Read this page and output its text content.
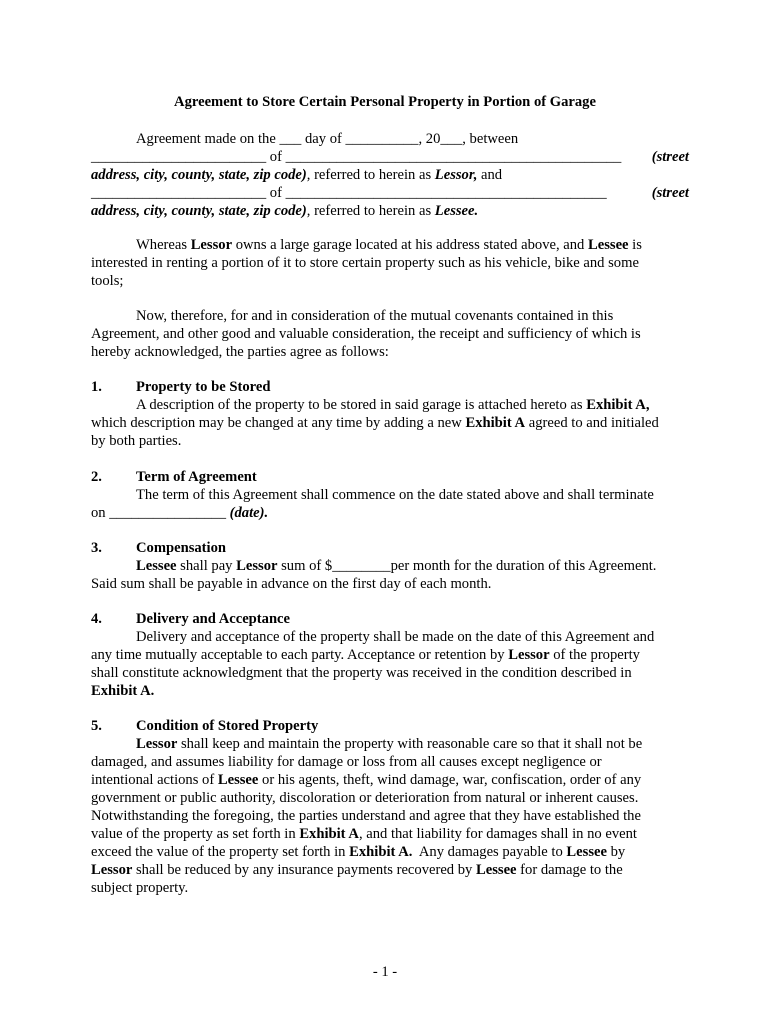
Agreement to Store Certain Personal Property in Portion of Garage
Agreement made on the ___ day of __________, 20___, between
________________________ of ______________________________________________ (street
address, city, county, state, zip code), referred to herein as Lessor, and
________________________ of ____________________________________________	(street
address, city, county, state, zip code), referred to herein as Lessee.
Whereas Lessor owns a large garage located at his address stated above, and Lessee is
interested in renting a portion of it to store certain property such as his vehicle, bike and some
tools;
Now, therefore, for and in consideration of the mutual covenants contained in this
Agreement, and other good and valuable consideration, the receipt and sufficiency of which is
hereby acknowledged, the parties agree as follows:
1. Property to be Stored
A description of the property to be stored in said garage is attached hereto as Exhibit A,
which description may be changed at any time by adding a new Exhibit A agreed to and initialed
by both parties.
2. Term of Agreement
The term of this Agreement shall commence on the date stated above and shall terminate
on ________________ (date).
3. Compensation
Lessee shall pay Lessor sum of $________per month for the duration of this Agreement.
Said sum shall be payable in advance on the first day of each month.
4. Delivery and Acceptance
Delivery and acceptance of the property shall be made on the date of this Agreement and
any time mutually acceptable to each party. Acceptance or retention by Lessor of the property
shall constitute acknowledgment that the property was received in the condition described in
Exhibit A.
5. Condition of Stored Property
Lessor shall keep and maintain the property with reasonable care so that it shall not be
damaged, and assumes liability for damage or loss from all causes except negligence or
intentional actions of Lessee or his agents, theft, wind damage, war, confiscation, order of any
government or public authority, discoloration or deterioration from natural or inherent causes.
Notwithstanding the foregoing, the parties understand and agree that they have established the
value of the property as set forth in Exhibit A, and that liability for damages shall in no event
exceed the value of the property set forth in Exhibit A.  Any damages payable to Lessee by
Lessor shall be reduced by any insurance payments recovered by Lessee for damage to the
subject property.
- 1 -
